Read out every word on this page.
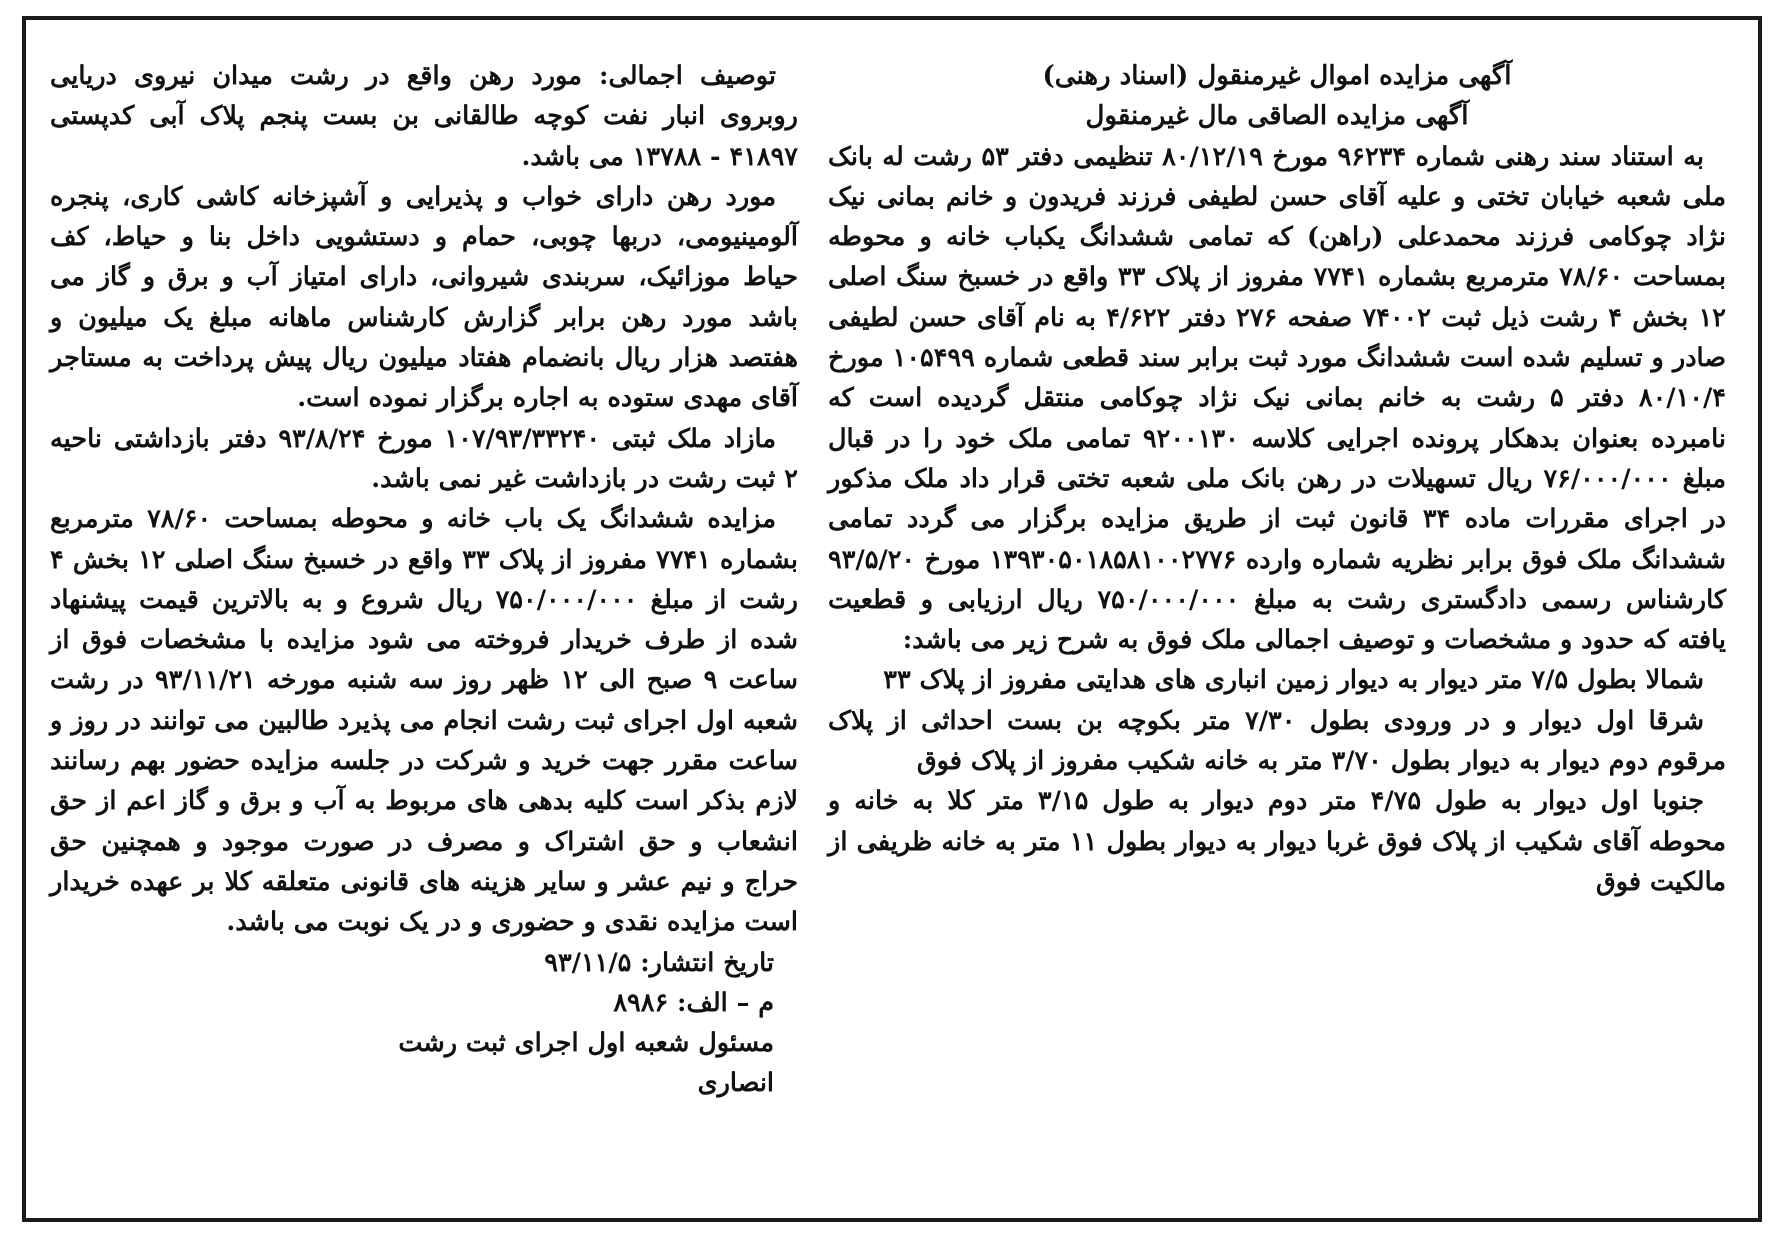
آگهی مزایده اموال غیرمنقول (اسناد رهنی)

آگهی مزایده الصاقی مال غیرمنقول

به استناد سند رهنی شماره ۹۶۲۳۴ مورخ ۸۰/۱۲/۱۹ تنظیمی دفتر ۵۳ رشت له بانک ملی شعبه خیابان تختی و علیه آقای حسن لطیفی فرزند فریدون و خانم بمانی نیک نژاد چوکامی فرزند محمدعلی (راهن) که تمامی ششدانگ یکباب خانه و محوطه بمساحت ۷۸/۶۰ مترمربع بشماره ۷۷۴۱ مفروز از پلاک ۳۳ واقع در خسبخ سنگ اصلی ۱۲ بخش ۴ رشت ذیل ثبت ۷۴۰۰۲ صفحه ۲۷۶ دفتر ۴/۶۲۲ به نام آقای حسن لطیفی صادر و تسلیم شده است ششدانگ مورد ثبت برابر سند قطعی شماره ۱۰۵۴۹۹ مورخ ۸۰/۱۰/۴ دفتر ۵ رشت به خانم بمانی نیک نژاد چوکامی منتقل گردیده است که نامبرده بعنوان بدهکار پرونده اجرایی کلاسه ۹۲۰۰۱۳۰ تمامی ملک خود را در قبال مبلغ ۷۶/۰۰۰/۰۰۰ ریال تسهیلات در رهن بانک ملی شعبه تختی قرار داد ملک مذکور در اجرای مقررات ماده ۳۴ قانون ثبت از طریق مزایده برگزار می گردد تمامی ششدانگ ملک فوق برابر نظریه شماره وارده ۱۳۹۳۰۵۰۱۸۵۸۱۰۰۲۷۷۶ مورخ ۹۳/۵/۲۰ کارشناس رسمی دادگستری رشت به مبلغ ۷۵۰/۰۰۰/۰۰۰ ریال ارزیابی و قطعیت یافته که حدود و مشخصات و توصیف اجمالی ملک فوق به شرح زیر می باشد:

شمالا بطول ۷/۵ متر دیوار به دیوار زمین انباری های هدایتی مفروز از پلاک ۳۳

شرقا اول دیوار و در ورودی بطول ۷/۳۰ متر بکوچه بن بست احداثی از پلاک مرقوم دوم دیوار به دیوار بطول ۳/۷۰ متر به خانه شکیب مفروز از پلاک فوق

جنوبا اول دیوار به طول ۴/۷۵ متر دوم دیوار به طول ۳/۱۵ متر کلا به خانه و محوطه آقای شکیب از پلاک فوق غربا دیوار به دیوار بطول ۱۱ متر به خانه ظریفی از مالکیت فوق

توصیف اجمالی: مورد رهن واقع در رشت میدان نیروی دریایی روبروی انبار نفت کوچه طالقانی بن بست پنجم پلاک آبی کدپستی ۴۱۸۹۷ - ۱۳۷۸۸ می باشد.

مورد رهن دارای خواب و پذیرایی و آشپزخانه کاشی کاری، پنجره آلومینیومی، دربها چوبی، حمام و دستشویی داخل بنا و حیاط، کف حیاط موزائیک، سربندی شیروانی، دارای امتیاز آب و برق و گاز می باشد مورد رهن برابر گزارش کارشناس ماهانه مبلغ یک میلیون و هفتصد هزار ریال بانضمام هفتاد میلیون ریال پیش پرداخت به مستاجر آقای مهدی ستوده به اجاره برگزار نموده است.

مازاد ملک ثبتی ۱۰۷/۹۳/۳۳۲۴۰ مورخ ۹۳/۸/۲۴ دفتر بازداشتی ناحیه ۲ ثبت رشت در بازداشت غیر نمی باشد.

مزایده ششدانگ یک باب خانه و محوطه بمساحت ۷۸/۶۰ مترمربع بشماره ۷۷۴۱ مفروز از پلاک ۳۳ واقع در خسبخ سنگ اصلی ۱۲ بخش ۴ رشت از مبلغ ۷۵۰/۰۰۰/۰۰۰ ریال شروع و به بالاترین قیمت پیشنهاد شده از طرف خریدار فروخته می شود مزایده با مشخصات فوق از ساعت ۹ صبح الی ۱۲ ظهر روز سه شنبه مورخه ۹۳/۱۱/۲۱ در رشت شعبه اول اجرای ثبت رشت انجام می پذیرد طالبین می توانند در روز و ساعت مقرر جهت خرید و شرکت در جلسه مزایده حضور بهم رسانند لازم بذکر است کلیه بدهی های مربوط به آب و برق و گاز اعم از حق انشعاب و حق اشتراک و مصرف در صورت موجود و همچنین حق حراج و نیم عشر و سایر هزینه های قانونی متعلقه کلا بر عهده خریدار است مزایده نقدی و حضوری و در یک نوبت می باشد.

تاریخ انتشار: ۹۳/۱۱/۵

م – الف: ۸۹۸۶

مسئول شعبه اول اجرای ثبت رشت

انصاری
